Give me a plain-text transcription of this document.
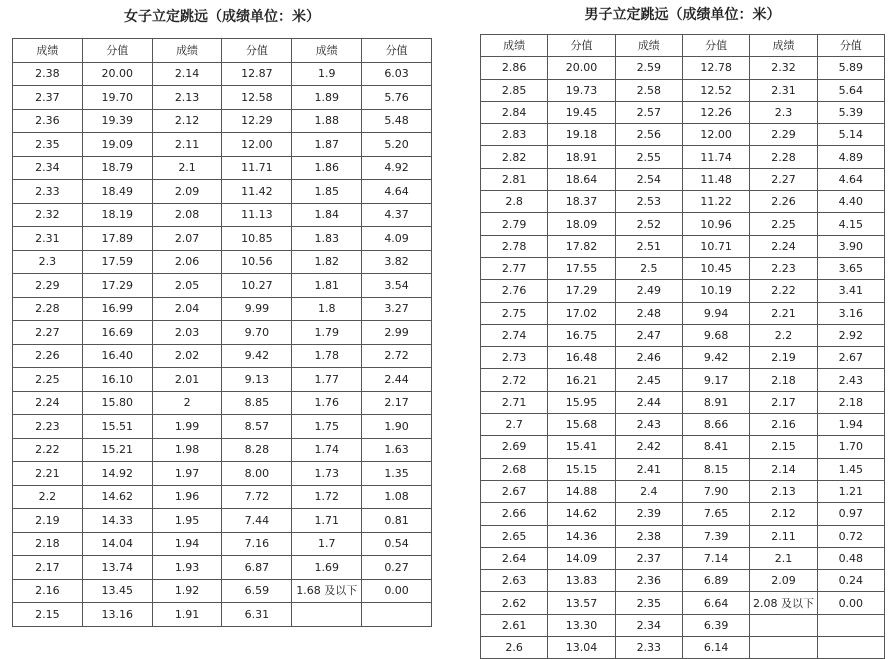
女子立定跳远（成绩单位：米）
成绩	分值	成绩	分值	成绩	分值
2.38	20.00	2.14	12.87	1.9	6.03
2.37	19.70	2.13	12.58	1.89	5.76
2.36	19.39	2.12	12.29	1.88	5.48
2.35	19.09	2.11	12.00	1.87	5.20
2.34	18.79	2.1	11.71	1.86	4.92
2.33	18.49	2.09	11.42	1.85	4.64
2.32	18.19	2.08	11.13	1.84	4.37
2.31	17.89	2.07	10.85	1.83	4.09
2.3	17.59	2.06	10.56	1.82	3.82
2.29	17.29	2.05	10.27	1.81	3.54
2.28	16.99	2.04	9.99	1.8	3.27
2.27	16.69	2.03	9.70	1.79	2.99
2.26	16.40	2.02	9.42	1.78	2.72
2.25	16.10	2.01	9.13	1.77	2.44
2.24	15.80	2	8.85	1.76	2.17
2.23	15.51	1.99	8.57	1.75	1.90
2.22	15.21	1.98	8.28	1.74	1.63
2.21	14.92	1.97	8.00	1.73	1.35
2.2	14.62	1.96	7.72	1.72	1.08
2.19	14.33	1.95	7.44	1.71	0.81
2.18	14.04	1.94	7.16	1.7	0.54
2.17	13.74	1.93	6.87	1.69	0.27
2.16	13.45	1.92	6.59	1.68 及以下	0.00
2.15	13.16	1.91	6.31		
男子立定跳远（成绩单位：米）
成绩	分值	成绩	分值	成绩	分值
2.86	20.00	2.59	12.78	2.32	5.89
2.85	19.73	2.58	12.52	2.31	5.64
2.84	19.45	2.57	12.26	2.3	5.39
2.83	19.18	2.56	12.00	2.29	5.14
2.82	18.91	2.55	11.74	2.28	4.89
2.81	18.64	2.54	11.48	2.27	4.64
2.8	18.37	2.53	11.22	2.26	4.40
2.79	18.09	2.52	10.96	2.25	4.15
2.78	17.82	2.51	10.71	2.24	3.90
2.77	17.55	2.5	10.45	2.23	3.65
2.76	17.29	2.49	10.19	2.22	3.41
2.75	17.02	2.48	9.94	2.21	3.16
2.74	16.75	2.47	9.68	2.2	2.92
2.73	16.48	2.46	9.42	2.19	2.67
2.72	16.21	2.45	9.17	2.18	2.43
2.71	15.95	2.44	8.91	2.17	2.18
2.7	15.68	2.43	8.66	2.16	1.94
2.69	15.41	2.42	8.41	2.15	1.70
2.68	15.15	2.41	8.15	2.14	1.45
2.67	14.88	2.4	7.90	2.13	1.21
2.66	14.62	2.39	7.65	2.12	0.97
2.65	14.36	2.38	7.39	2.11	0.72
2.64	14.09	2.37	7.14	2.1	0.48
2.63	13.83	2.36	6.89	2.09	0.24
2.62	13.57	2.35	6.64	2.08 及以下	0.00
2.61	13.30	2.34	6.39		
2.6	13.04	2.33	6.14		
